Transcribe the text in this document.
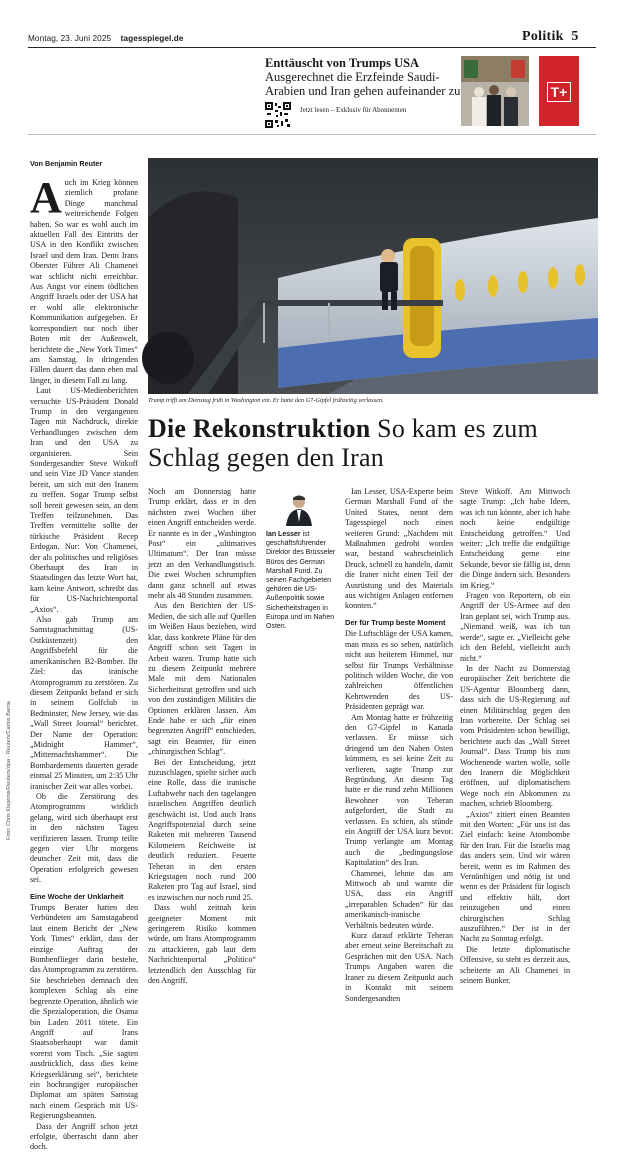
Montag, 23. Juni 2025 tagesspiegel.de	Politik 5
Enttäuscht von Trumps USA
Ausgerechnet die Erzfeinde Saudi-Arabien und Iran gehen aufeinander zu
Jetzt lesen – Exklusiv für Abonnenten
T+
Von Benjamin Reuter
A uch im Krieg können ziemlich profane Dinge manchmal weitreichende Folgen haben. So war es wohl auch im aktuellen Fall des Eintritts der USA in den Konflikt zwischen Israel und dem Iran. Denn Irans Oberster Führer Ali Chamenei war schlicht nicht erreichbar. Aus Angst vor einem tödlichen Angriff Israels oder der USA hat er wohl alle elektronische Kommunikation aufgegeben. Er korrespondiert nur noch über Boten mit der Außenwelt, berichtete die „New York Times“ am Samstag. In dringenden Fällen dauert das dann eben mal länger, in diesem Fall zu lang.

Laut US-Medienberichten versuchte US-Präsident Donald Trump in den vergangenen Tagen mit Nachdruck, direkte Verhandlungen zwischen dem Iran und den USA zu organisieren. Sein Sondergesandter Steve Witkoff und sein Vize JD Vance standen bereit, um sich mit den Iranern zu treffen. Sogar Trump selbst soll bereit gewesen sein, an dem Treffen teilzunehmen. Das Treffen vermittelte sollte der türkische Präsident Recep Erdogan. Nur: Von Chamenei, der als politisches und religiöses Oberhaupt des Iran in Staatsdingen das letzte Wort hat, kam keine Antwort, schreibt das für US-Nachrichtenportal „Axios“.

Also gab Trump am Samstagnachmittag (US-Ostküstenzeit) den Angriffsbefehl für die amerikanischen B2-Bomber. Ihr Ziel: das iranische Atomprogramm zu zerstören. Zu diesem Zeitpunkt befand er sich in seinem Golfclub in Bedminster, New Jersey, wie das „Wall Street Journal“ berichtet. Der Name der Operation: „Midnight Hammer“, „Mitternachtshammer“. Die Bombardements dauerten gerade einmal 25 Minuten, um 2:35 Uhr iranischer Zeit war alles vorbei.

Ob die Zerstörung des Atomprogramms wirklich gelang, wird sich überhaupt erst in den nächsten Tagen verifizieren lassen. Trump teilte gegen vier Uhr morgens deutscher Zeit mit, dass die Operation erfolgreich gewesen sei.

Eine Woche der Unklarheit

Trumps Berater hatten den Verbündeten am Samstagabend laut einem Bericht der „New York Times“ erklärt, dass der einzige Auftrag der Bombenflieger darin bestehe, das Atomprogramm zu zerstören. Sie beschrieben demnach den komplexen Schlag als eine begrenzte Operation, ähnlich wie die Spezialoperation, die Osama bin Laden 2011 tötete. Ein Angriff auf Irans Staatsoberhaupt war damit vorerst vom Tisch. „Sie sagten ausdrücklich, dass dies keine Kriegserklärung sei“, berichtete ein hochrangiger europäischer Diplomat am späten Samstag nach einem Gespräch mit US-Regierungsbeamten.

Dass der Angriff schon jetzt erfolgte, überrascht dann aber doch.

Trump trifft am Dienstag früh in Washington ein. Er hatte den G7-Gipfel frühzeitig verlassen.
Die Rekonstruktion So kam es zum Schlag gegen den Iran

Noch am Donnerstag hatte Trump erklärt, dass er in den nächsten zwei Wochen über einen Angriff entscheiden werde. Er nannte es in der „Washington Post“ ein „ultimatives Ultimatum“. Der Iran müsse jetzt an den Verhandlungstisch. Die zwei Wochen schrumpften dann ganz schnell auf etwas mehr als 48 Stunden zusammen.

Aus den Berichten der US-Medien, die sich alle auf Quellen im Weißen Haus beziehen, wird klar, dass konkrete Pläne für den Angriff schon seit Tagen in Arbeit waren. Trump hatte sich zu diesem Zeitpunkt mehrere Male mit dem Nationalen Sicherheitsrat getroffen und sich von den zuständigen Militärs die Optionen erklären lassen. Am Ende habe er sich „für einen begrenzten Angriff“ entschieden, sagt ein Beamter, für einen „chirurgischen Schlag“.

Bei der Entscheidung, jetzt zuzuschlagen, spielte sicher auch eine Rolle, dass die iranische Luftabwehr nach den tagelangen israelischen Angriffen deutlich geschwächt ist. Und auch Irans Angriffspotenzial durch seine Raketen mit mehreren Tausend Kilometern Reichweite ist deutlich reduziert. Feuerte Teheran in den ersten Kriegstagen noch rund 200 Raketen pro Tag auf Israel, sind es inzwischen nur noch rund 25.

Dass wohl zeitnah kein geeigneter Moment mit geringerem Risiko kommen würde, um Irans Atomprogramm zu attackieren, gab laut dem Nachrichtenportal „Politico“ letztendlich den Ausschlag für den Angriff.

Ian Lesser ist geschäftsführender Direktor des Brüsseler Büros des German Marshall Fund. Zu seinen Fachgebieten gehören die US-Außenpolitik sowie Sicherheitsfragen in Europa und im Nahen Osten.

Ian Lesser, USA-Experte beim German Marshall Fund of the United States, nennt dem Tagesspiegel noch einen weiteren Grund: „Nachdem mit Maßnahmen gedroht worden war, bestand wahrscheinlich Druck, schnell zu handeln, damit die Iraner nicht einen Teil der Ausrüstung und des Materials aus wichtigen Anlagen entfernen konnten.“

Der für Trump beste Moment

Die Luftschläge der USA kamen, man muss es so sehen, natürlich nicht aus heiterem Himmel, nur selbst für Trumps Verhältnisse politisch wilden Woche, die von zahlreichen öffentlichen Kehrtwenden des US-Präsidenten geprägt war.

Am Montag hatte er frühzeitig den G7-Gipfel in Kanada verlassen. Er müsse sich dringend um den Nahen Osten kümmern, es sei keine Zeit zu verlieren, sagte Trump zur Begründung. An diesem Tag hatte er die rund zehn Millionen Bewohner von Teheran aufgefordert, die Stadt zu verlassen. Es schien, als stünde ein Angriff der USA kurz bevor. Trump verlangte am Montag auch die „bedingungslose Kapitulation“ des Iran.

Chamenei, lehnte das am Mittwoch ab und warnte die USA, dass ein Angriff „irreparablen Schaden“ für das amerikanisch-iranische Verhältnis bedeuten würde.

Kurz darauf erklärte Teheran aber erneut seine Bereitschaft zu Gesprächen mit den USA. Nach Trumps Angaben waren die Iraner zu diesem Zeitpunkt auch in Kontakt mit seinem Sondergesandten

Steve Witkoff. Am Mittwoch sagte Trump: „Ich habe Ideen, was ich tun könnte, aber ich habe noch keine endgültige Entscheidung getroffen.“ Und weiter: „Ich treffe die endgültige Entscheidung gerne eine Sekunde, bevor sie fällig ist, denn die Dinge ändern sich. Besonders im Krieg.“

Fragen von Reportern, ob ein Angriff der US-Armee auf den Iran geplant sei, wich Trump aus. „Niemand weiß, was ich tun werde“, sagte er. „Vielleicht gebe ich den Befehl, vielleicht auch nicht.“

In der Nacht zu Donnerstag europäischer Zeit berichtete die US-Agentur Bloomberg dann, dass sich die US-Regierung auf einen Militärschlag gegen den Iran vorbereite. Der Schlag sei vom Präsidenten schon bewilligt, berichtete auch das „Wall Street Journal“. Dass Trump bis zum Wochenende warten wolle, solle den Iranern die Möglichkeit eröffnen, auf diplomatischem Wege noch ein Abkommen zu machen, schrieb Bloomberg.

„Axios“ zitiert einen Beamten mit den Worten: „Für uns ist das Ziel einfach: keine Atombombe für den Iran. Für die Israelis mag das anders sein. Und wir wären bereit, wenn es im Rahmen des Vernünftigen und nötig ist und wenn es der Präsident für logisch und effektiv hält, dort reinzugehen und einen chirurgischen Schlag auszuführen.“ Der ist in der Nacht zu Sonntag erfolgt.

Die letzte diplomatische Offensive, so steht es derzeit aus, scheiterte an Ali Chamenei in seinem Bunker.

Foto: Chris Kleponis/Reuters/dpa · Reuters/Carlos Barria
